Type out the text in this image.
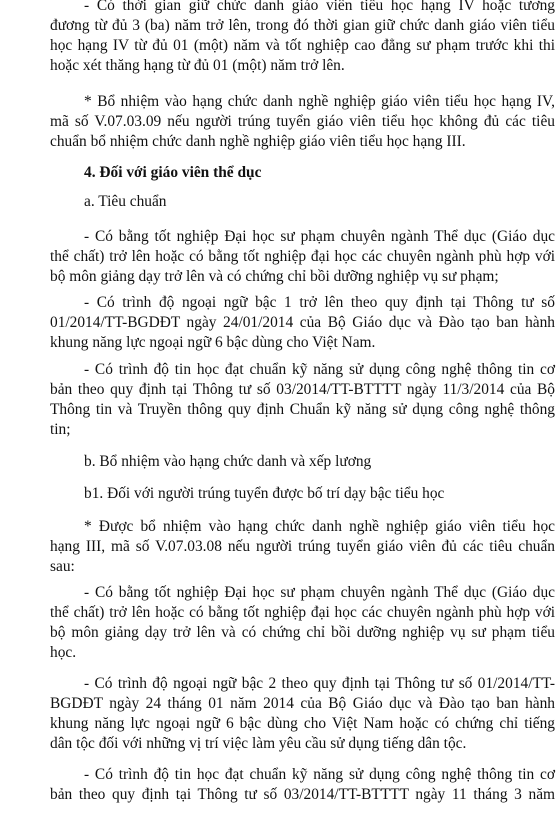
- Có thời gian giữ chức danh giáo viên tiểu học hạng IV hoặc tương
đương từ đủ 3 (ba) năm trở lên, trong đó thời gian giữ chức danh giáo viên tiểu
học hạng IV từ đủ 01 (một) năm và tốt nghiệp cao đẳng sư phạm trước khi thi
hoặc xét thăng hạng từ đủ 01 (một) năm trở lên.
* Bổ nhiệm vào hạng chức danh nghề nghiệp giáo viên tiểu học hạng IV,
mã số V.07.03.09 nếu người trúng tuyển giáo viên tiểu học không đủ các tiêu
chuẩn bổ nhiệm chức danh nghề nghiệp giáo viên tiểu học hạng III.
4. Đối với giáo viên thể dục
a. Tiêu chuẩn
- Có bằng tốt nghiệp Đại học sư phạm chuyên ngành Thể dục (Giáo dục
thể chất) trở lên hoặc có bằng tốt nghiệp đại học các chuyên ngành phù hợp với
bộ môn giảng dạy trở lên và có chứng chỉ bồi dưỡng nghiệp vụ sư phạm;
- Có trình độ ngoại ngữ bậc 1 trở lên theo quy định tại Thông tư số
01/2014/TT-BGDĐT ngày 24/01/2014 của Bộ Giáo dục và Đào tạo ban hành
khung năng lực ngoại ngữ 6 bậc dùng cho Việt Nam.
- Có trình độ tin học đạt chuẩn kỹ năng sử dụng công nghệ thông tin cơ
bản theo quy định tại Thông tư số 03/2014/TT-BTTTT ngày 11/3/2014 của Bộ
Thông tin và Truyền thông quy định Chuẩn kỹ năng sử dụng công nghệ thông
tin;
b. Bổ nhiệm vào hạng chức danh và xếp lương
b1. Đối với người trúng tuyển được bố trí dạy bậc tiểu học
* Được bổ nhiệm vào hạng chức danh nghề nghiệp giáo viên tiểu học
hạng III, mã số V.07.03.08 nếu người trúng tuyển giáo viên đủ các tiêu chuẩn
sau:
- Có bằng tốt nghiệp Đại học sư phạm chuyên ngành Thể dục (Giáo dục
thể chất) trở lên hoặc có bằng tốt nghiệp đại học các chuyên ngành phù hợp với
bộ môn giảng dạy trở lên và có chứng chỉ bồi dưỡng nghiệp vụ sư phạm tiểu
học.
- Có trình độ ngoại ngữ bậc 2 theo quy định tại Thông tư số 01/2014/TT-
BGDĐT ngày 24 tháng 01 năm 2014 của Bộ Giáo dục và Đào tạo ban hành
khung năng lực ngoại ngữ 6 bậc dùng cho Việt Nam hoặc có chứng chỉ tiếng
dân tộc đối với những vị trí việc làm yêu cầu sử dụng tiếng dân tộc.
- Có trình độ tin học đạt chuẩn kỹ năng sử dụng công nghệ thông tin cơ
bản theo quy định tại Thông tư số 03/2014/TT-BTTTT ngày 11 tháng 3 năm
